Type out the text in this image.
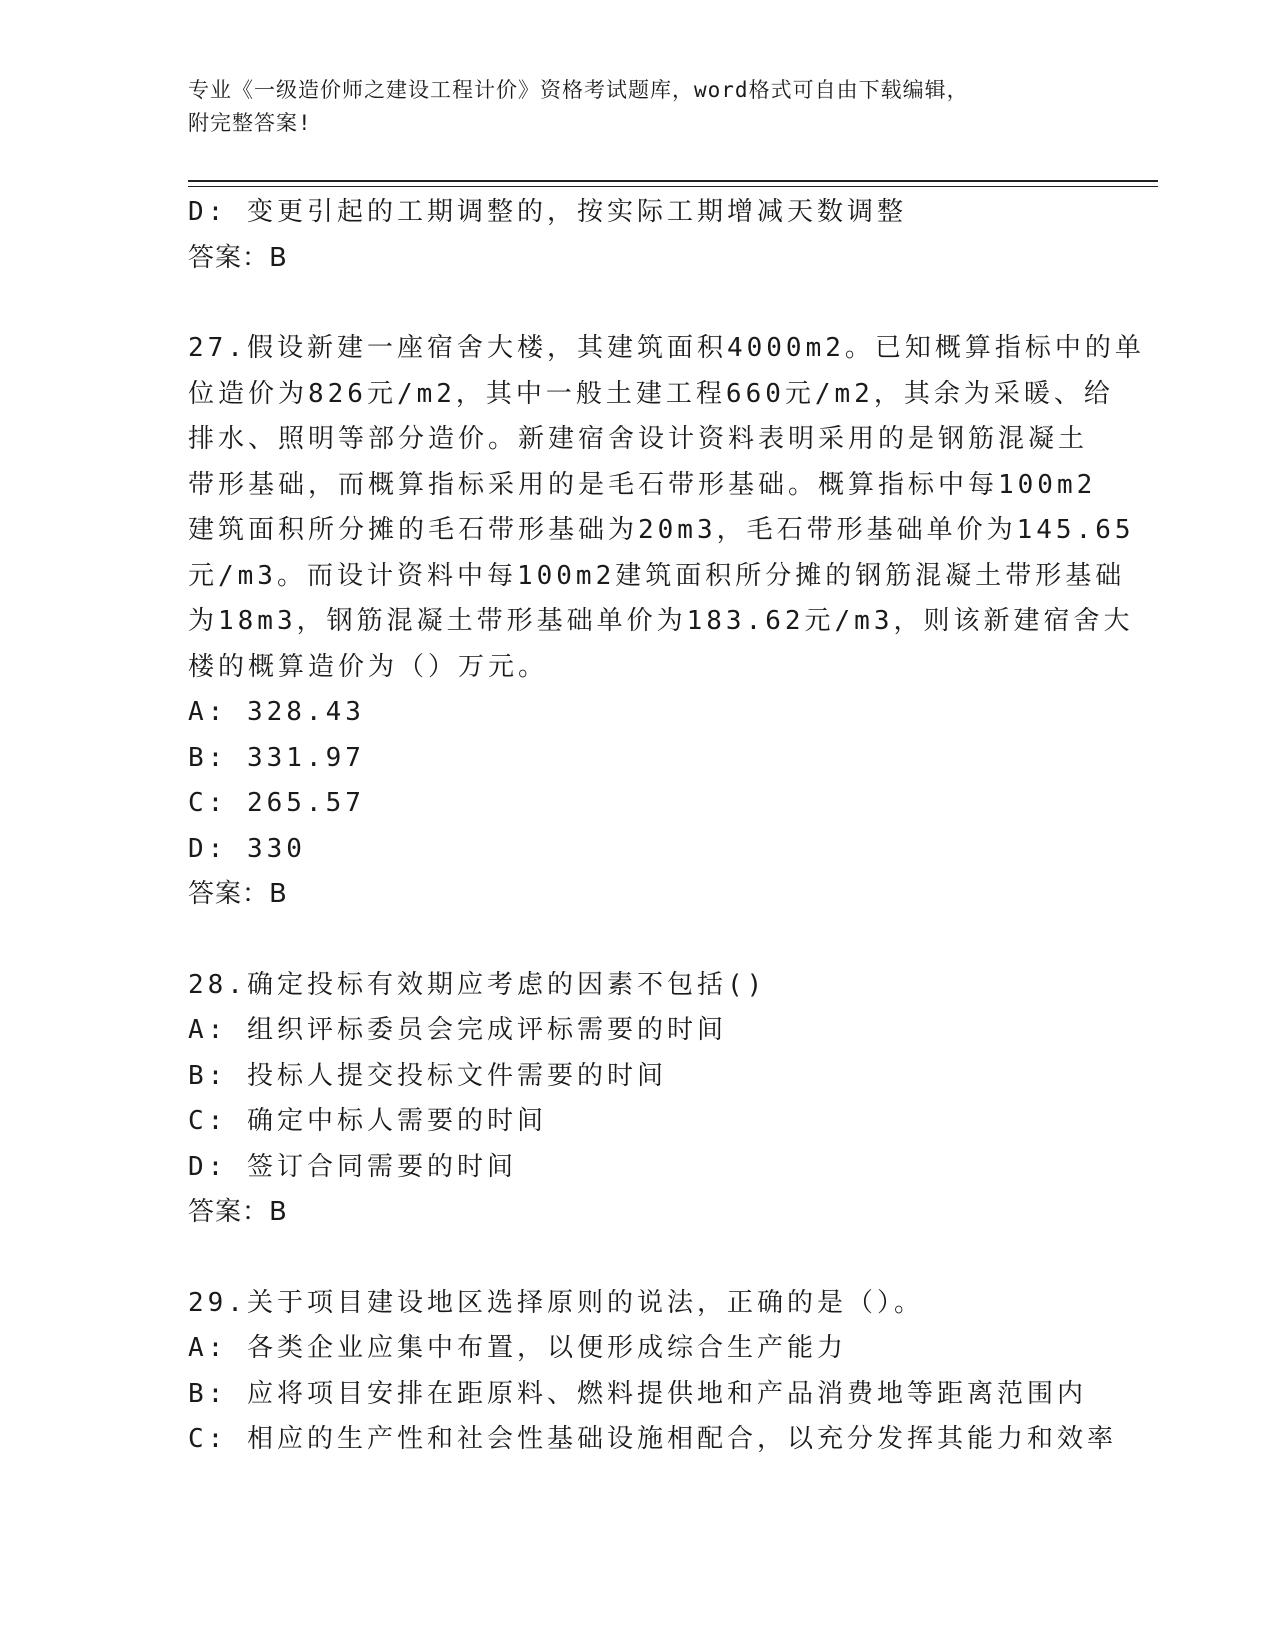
专业《一级造价师之建设工程计价》资格考试题库，word格式可自由下载编辑，
附完整答案!
D: 变更引起的工期调整的，按实际工期增减天数调整
答案：B
27.假设新建一座宿舍大楼，其建筑面积4000m2。已知概算指标中的单
位造价为826元/m2，其中一般土建工程660元/m2，其余为采暖、给
排水、照明等部分造价。新建宿舍设计资料表明采用的是钢筋混凝土
带形基础，而概算指标采用的是毛石带形基础。概算指标中每100m2
建筑面积所分摊的毛石带形基础为20m3，毛石带形基础单价为145.65
元/m3。而设计资料中每100m2建筑面积所分摊的钢筋混凝土带形基础
为18m3，钢筋混凝土带形基础单价为183.62元/m3，则该新建宿舍大
楼的概算造价为（）万元。
A: 328.43
B: 331.97
C: 265.57
D: 330
答案：B
28.确定投标有效期应考虑的因素不包括()
A: 组织评标委员会完成评标需要的时间
B: 投标人提交投标文件需要的时间
C: 确定中标人需要的时间
D: 签订合同需要的时间
答案：B
29.关于项目建设地区选择原则的说法，正确的是（）。
A: 各类企业应集中布置，以便形成综合生产能力
B: 应将项目安排在距原料、燃料提供地和产品消费地等距离范围内
C: 相应的生产性和社会性基础设施相配合，以充分发挥其能力和效率
